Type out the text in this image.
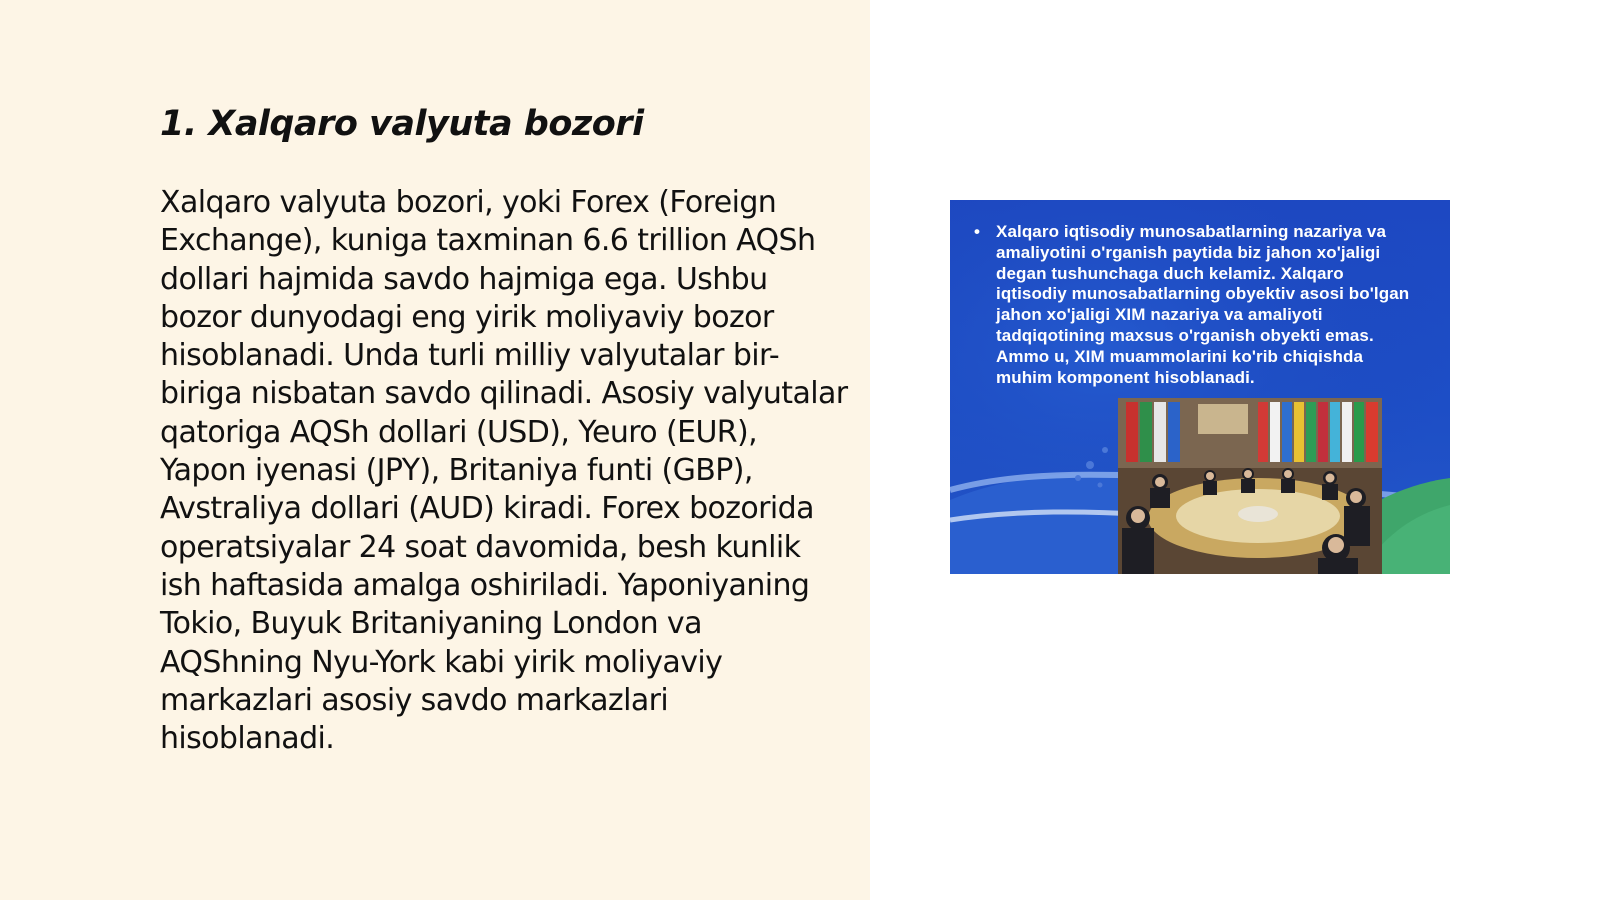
1. Xalqaro valyuta bozori

Xalqaro valyuta bozori, yoki Forex (Foreign Exchange), kuniga taxminan 6.6 trillion AQSh dollari hajmida savdo hajmiga ega. Ushbu bozor dunyodagi eng yirik moliyaviy bozor hisoblanadi. Unda turli milliy valyutalar bir-biriga nisbatan savdo qilinadi. Asosiy valyutalar qatoriga AQSh dollari (USD), Yeuro (EUR), Yapon iyenasi (JPY), Britaniya funti (GBP), Avstraliya dollari (AUD) kiradi. Forex bozorida operatsiyalar 24 soat davomida, besh kunlik ish haftasida amalga oshiriladi. Yaponiyaning Tokio, Buyuk Britaniyaning London va AQShning Nyu-York kabi yirik moliyaviy markazlari asosiy savdo markazlari hisoblanadi.

• Xalqaro iqtisodiy munosabatlarning nazariya va amaliyotini o'rganish paytida biz jahon xo'jaligi degan tushunchaga duch kelamiz. Xalqaro iqtisodiy munosabatlarning obyektiv asosi bo'lgan jahon xo'jaligi XIM nazariya va amaliyoti tadqiqotining maxsus o'rganish obyekti emas. Ammo u, XIM muammolarini ko'rib chiqishda muhim komponent hisoblanadi.
